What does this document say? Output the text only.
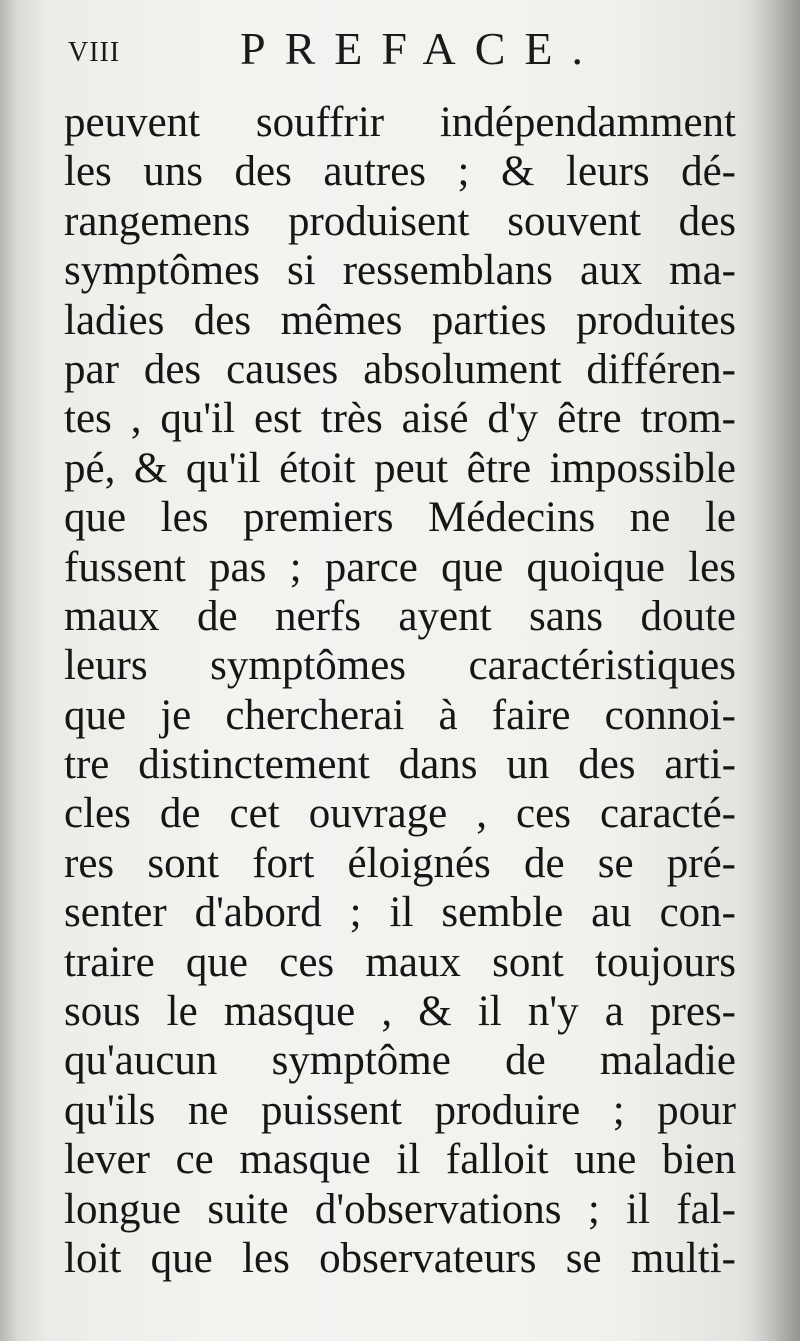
viii	PREFACE.
peuvent souffrir indépendamment
les uns des autres ; & leurs dé-
rangemens produisent souvent des
symptômes si ressemblans aux ma-
ladies des mêmes parties produites
par des causes absolument différen-
tes , qu'il est très aisé d'y être trom-
pé, & qu'il étoit peut être impossible
que les premiers Médecins ne le
fussent pas ; parce que quoique les
maux de nerfs ayent sans doute
leurs symptômes caractéristiques
que je chercherai à faire connoi-
tre distinctement dans un des arti-
cles de cet ouvrage , ces caracté-
res sont fort éloignés de se pré-
senter d'abord ; il semble au con-
traire que ces maux sont toujours
sous le masque , & il n'y a pres-
qu'aucun symptôme de maladie
qu'ils ne puissent produire ; pour
lever ce masque il falloit une bien
longue suite d'observations ; il fal-
loit que les observateurs se multi-
